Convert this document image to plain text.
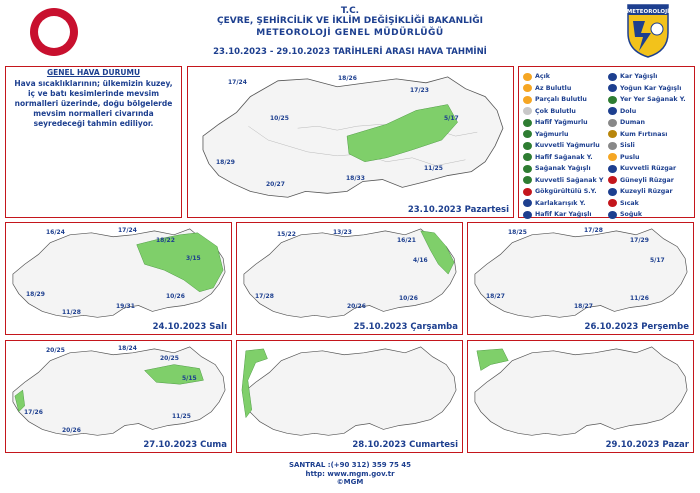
T.C.
ÇEVRE, ŞEHİRCİLİK VE İKLİM DEĞİŞİKLİĞİ BAKANLIĞI
METEOROLOJİ GENEL MÜDÜRLÜĞÜ
23.10.2023 - 29.10.2023 TARİHLERİ ARASI HAVA TAHMİNİ
METEOROLOJİ
GENEL HAVA DURUMU
Hava sıcaklıklarının; ülkemizin kuzey, iç ve batı kesimlerinde mevsim normalleri üzerinde, doğu bölgelerde mevsim normalleri civarında seyredeceği tahmin ediliyor.
17/24
18/26
10/25
17/23
5/17
18/29
20/27
18/33
11/25
23.10.2023 Pazartesi
Açık
Az Bulutlu
Parçalı Bulutlu
Çok Bulutlu
Hafif Yağmurlu
Yağmurlu
Kuvvetli Yağmurlu
Hafif Sağanak Y.
Sağanak Yağışlı
Kuvvetli Sağanak Y
Gökgürültülü S.Y.
Karlakarışık Y.
Hafif Kar Yağışlı
Kar Yağışlı
Yoğun Kar Yağışlı
Yer Yer Sağanak Y.
Dolu
Duman
Kum Fırtınası
Sisli
Puslu
Kuvvetli Rüzgar
Güneyli Rüzgar
Kuzeyli Rüzgar
Sıcak
Soğuk
16/24	17/24
18/22
3/15
18/29	10/26
19/31
11/28
24.10.2023 Salı
15/22	13/23
16/21
4/16
17/28
20/26
10/26
25.10.2023 Çarşamba
18/25	17/28
17/29
5/17
18/27	11/26
18/27
26.10.2023 Perşembe
20/25	18/24
20/25
5/15
17/26
20/26
11/25
27.10.2023 Cuma	28.10.2023 Cumartesi	29.10.2023 Pazar
SANTRAL :(+90 312) 359 75 45
http: www.mgm.gov.tr
©MGM
